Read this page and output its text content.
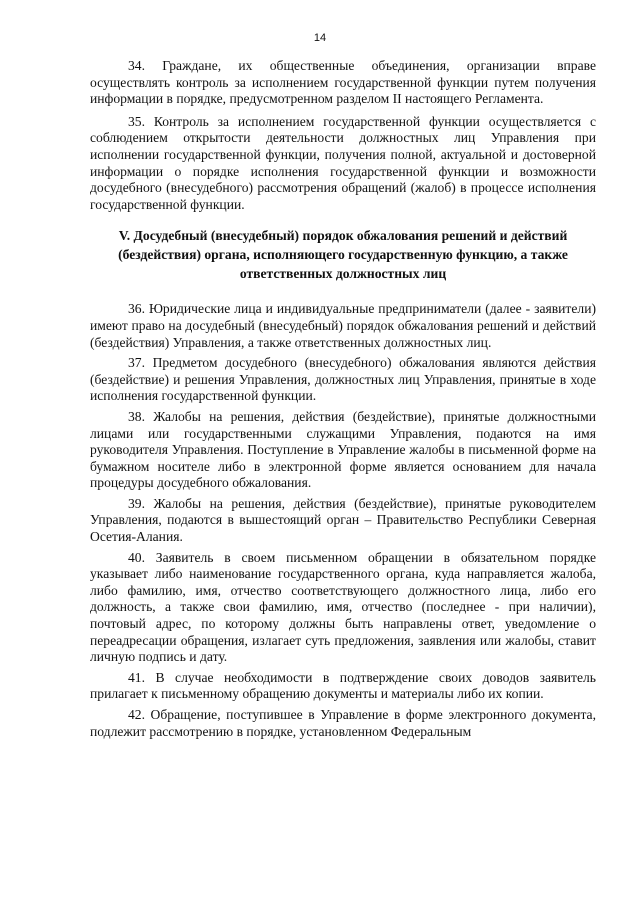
14

34. Граждане, их общественные объединения, организации вправе осуществлять контроль за исполнением государственной функции путем получения информации в порядке, предусмотренном разделом II настоящего Регламента.

35. Контроль за исполнением государственной функции осуществляется с соблюдением открытости деятельности должностных лиц Управления при исполнении государственной функции, получения полной, актуальной и достоверной информации о порядке исполнения государственной функции и возможности досудебного (внесудебного) рассмотрения обращений (жалоб) в процессе исполнения государственной функции.

V. Досудебный (внесудебный) порядок обжалования решений и действий (бездействия) органа, исполняющего государственную функцию, а также ответственных должностных лиц

36. Юридические лица и индивидуальные предприниматели (далее - заявители) имеют право на досудебный (внесудебный) порядок обжалования решений и действий (бездействия) Управления, а также ответственных должностных лиц.

37. Предметом досудебного (внесудебного) обжалования являются действия (бездействие) и решения Управления, должностных лиц Управления, принятые в ходе исполнения государственной функции.

38. Жалобы на решения, действия (бездействие), принятые должностными лицами или государственными служащими Управления, подаются на имя руководителя Управления. Поступление в Управление жалобы в письменной форме на бумажном носителе либо в электронной форме является основанием для начала процедуры досудебного обжалования.

39. Жалобы на решения, действия (бездействие), принятые руководителем Управления, подаются в вышестоящий орган – Правительство Республики Северная Осетия-Алания.

40. Заявитель в своем письменном обращении в обязательном порядке указывает либо наименование государственного органа, куда направляется жалоба, либо фамилию, имя, отчество соответствующего должностного лица, либо его должность, а также свои фамилию, имя, отчество (последнее - при наличии), почтовый адрес, по которому должны быть направлены ответ, уведомление о переадресации обращения, излагает суть предложения, заявления или жалобы, ставит личную подпись и дату.

41. В случае необходимости в подтверждение своих доводов заявитель прилагает к письменному обращению документы и материалы либо их копии.

42. Обращение, поступившее в Управление в форме электронного документа, подлежит рассмотрению в порядке, установленном Федеральным
